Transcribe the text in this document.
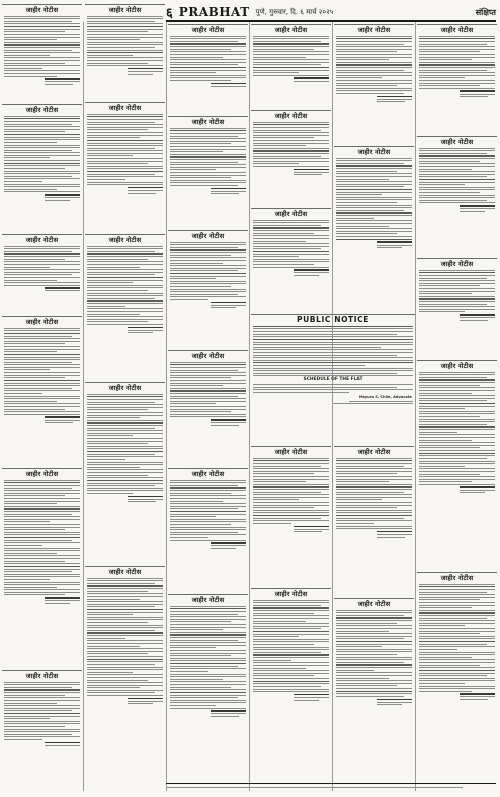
६ PRABHAT पुणे, गुरुवार, दि. ६ मार्च २०२५	संक्षिप्त
जाहीर नोटीस
जाहीर नोटीस
जाहीर नोटीस
जाहीर नोटीस
जाहीर नोटीस
जाहीर नोटीस
जाहीर नोटीस
जाहीर नोटीस
जाहीर नोटीस
जाहीर नोटीस
जाहीर नोटीस
जाहीर नोटीस
जाहीर नोटीस
जाहीर नोटीस
जाहीर नोटीस
जाहीर नोटीस
जाहीर नोटीस
जाहीर नोटीस
जाहीर नोटीस
जाहीर नोटीस
PUBLIC NOTICE
SCHEDULE OF THE FLAT
Mayura S. Chile, Advocate
जाहीर नोटीस
जाहीर नोटीस
जाहीर नोटीस
जाहीर नोटीस
जाहीर नोटीस
जाहीर नोटीस
जाहीर नोटीस
जाहीर नोटीस
जाहीर नोटीस
जाहीर नोटीस
जाहीर नोटीस
